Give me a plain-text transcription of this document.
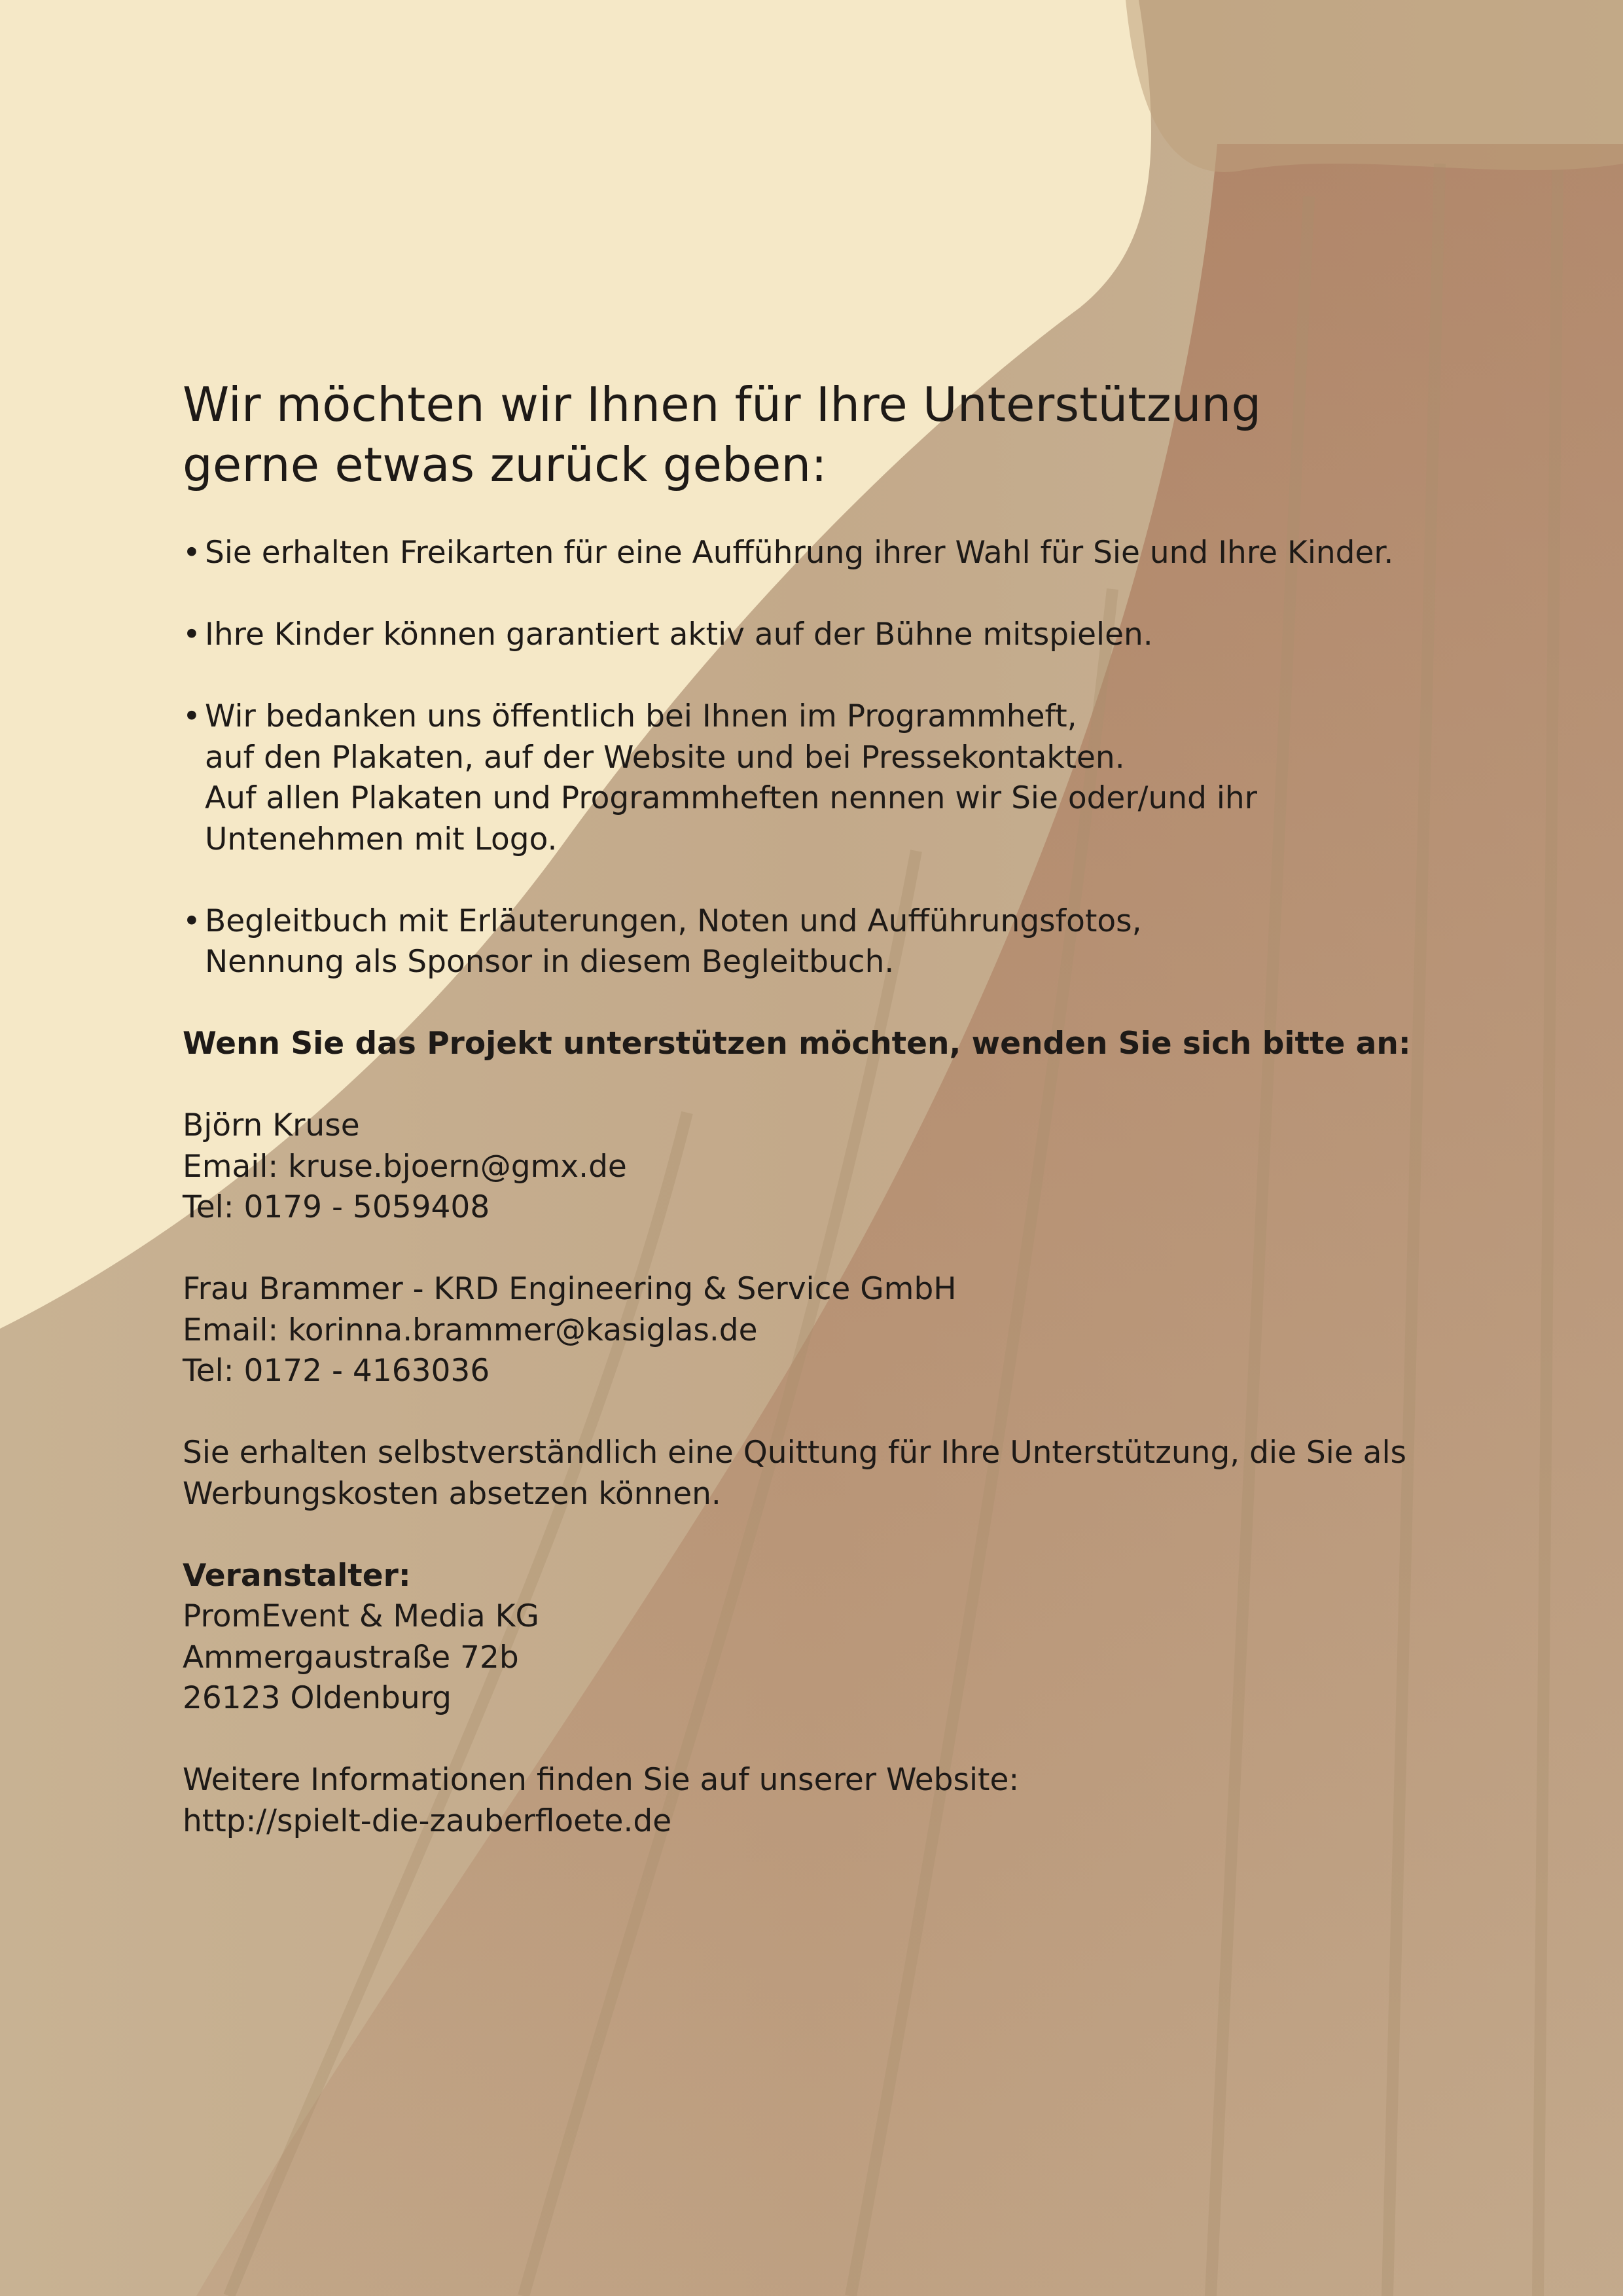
Wir möchten wir Ihnen für Ihre Unterstützung
gerne etwas zurück geben:
• Sie erhalten Freikarten für eine Aufführung ihrer Wahl für Sie und Ihre Kinder.
• Ihre Kinder können garantiert aktiv auf der Bühne mitspielen.
• Wir bedanken uns öffentlich bei Ihnen im Programmheft,
auf den Plakaten, auf der Website und bei Pressekontakten.
Auf allen Plakaten und Programmheften nennen wir Sie oder/und ihr
Untenehmen mit Logo.
• Begleitbuch mit Erläuterungen, Noten und Aufführungsfotos,
Nennung als Sponsor in diesem Begleitbuch.
Wenn Sie das Projekt unterstützen möchten, wenden Sie sich bitte an:
Björn Kruse
Email: kruse.bjoern@gmx.de
Tel: 0179 - 5059408
Frau Brammer - KRD Engineering & Service GmbH
Email: korinna.brammer@kasiglas.de
Tel: 0172 - 4163036
Sie erhalten selbstverständlich eine Quittung für Ihre Unterstützung, die Sie als
Werbungskosten absetzen können.
Veranstalter:
PromEvent & Media KG
Ammergaustraße 72b
26123 Oldenburg
Weitere Informationen finden Sie auf unserer Website:
http://spielt-die-zauberfloete.de
